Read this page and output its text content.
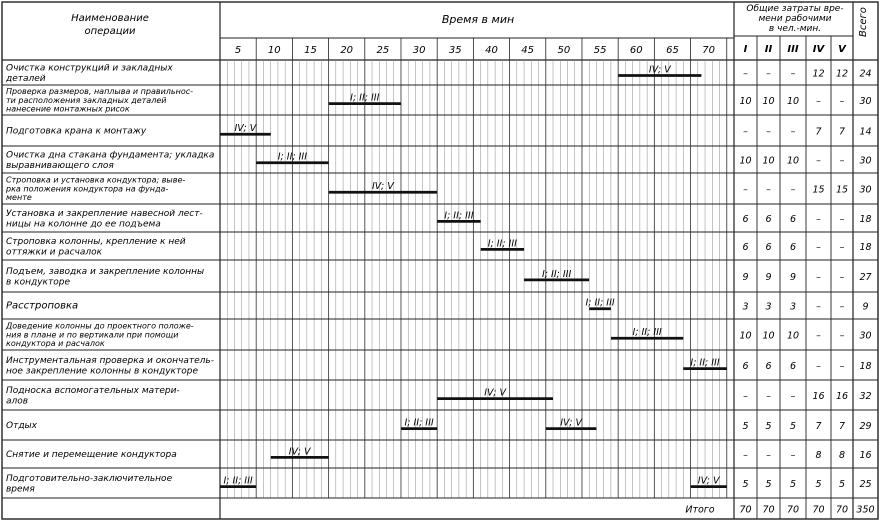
Наименование
операции
Время в мин
Общие затраты вре-
мени рабочими
в чел.-мин.	Всего
5	10 15 20 25 30 35 40 45 50 55 60 65 70	I II III IV V
Очистка конструкций и закладных
деталей
IV; V	– – – 12 12 24
Проверка размеров, наплыва и правильнос-
ти расположения закладных деталей
нанесение монтажных рисок
I; II; III	10 10 10 – – 30
Подготовка крана к монтажу	IV; V	– – – 7 7 14
Очистка дна стакана фундамента; укладка
выравнивающего слоя
I; II; III	10 10 10 – – 30
Строповка и установка кондуктора; выве-
рка положения кондуктора на фунда-
менте
IV; V	– – – 15 15 30
Установка и закрепление навесной лест-
ницы на колонне до ее подъема
I; II; III	6 6 6 – – 18
Строповка колонны, крепление к ней
оттяжки и расчалок
I; II; III	6 6 6 – – 18
Подъем, заводка и закрепление колонны
в кондукторе
I; II; III	9 9 9 – – 27
Расстроповка	I; II; III	3 3 3 – – 9
Доведение колонны до проектного положе-
ния в плане и по вертикали при помощи
кондуктора и расчалок
I; II; III	10 10 10 – – 30
Инструментальная проверка и окончатель-
ное закрепление колонны в кондукторе
I; II; III 6 6 6 – – 18
Подноска вспомогательных матери-
алов
IV; V	– – – 16 16 32
Отдых	I; II; III	IV; V	5 5 5 7 7 29
Снятие и перемещение кондуктора	IV; V	– – – 8 8 16
Подготовительно-заключительное
время
I; II; III	IV; V 5 5 5 5 5 25
Итого	70 70 70 70 70 350
